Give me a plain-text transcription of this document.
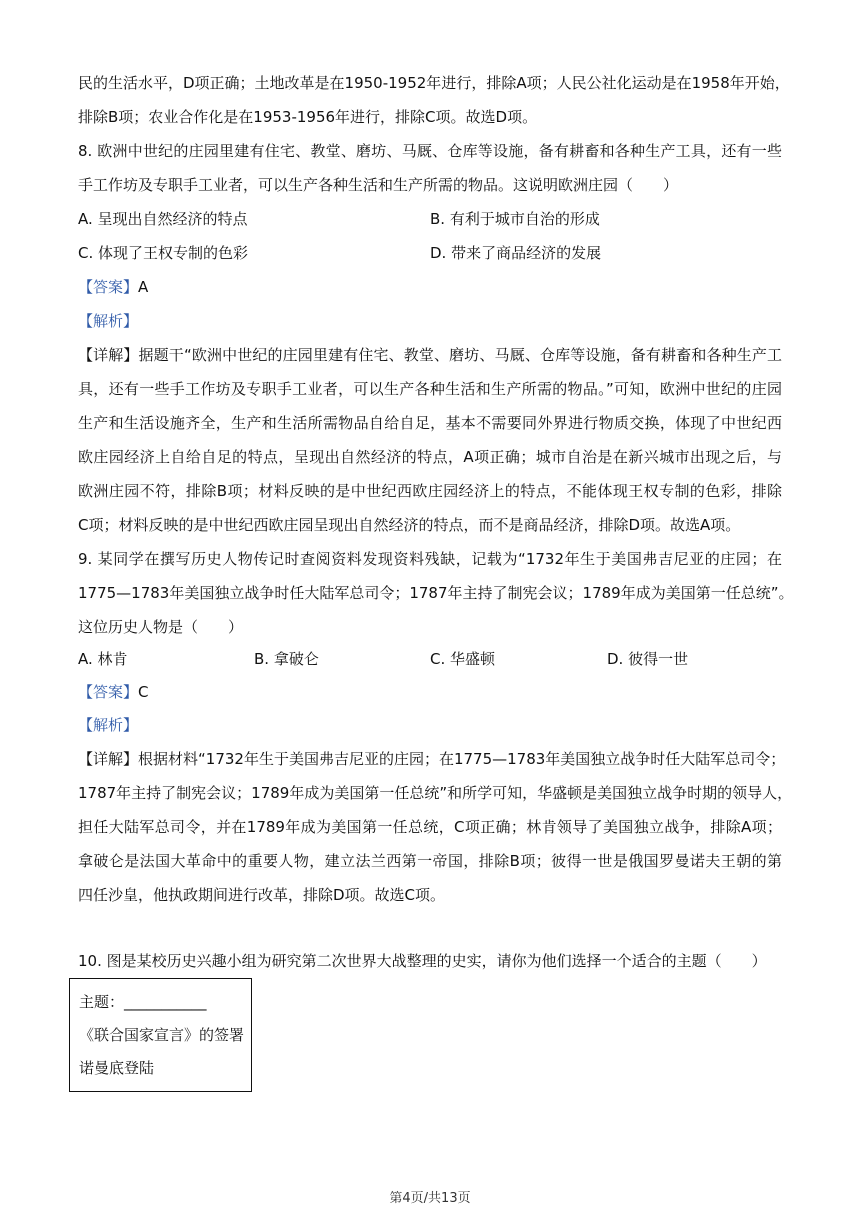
民的生活水平，D项正确；土地改革是在1950-1952年进行，排除A项；人民公社化运动是在1958年开始，
排除B项；农业合作化是在1953-1956年进行，排除C项。故选D项。
8. 欧洲中世纪的庄园里建有住宅、教堂、磨坊、马厩、仓库等设施，备有耕畜和各种生产工具，还有一些
手工作坊及专职手工业者，可以生产各种生活和生产所需的物品。这说明欧洲庄园（　　）
A. 呈现出自然经济的特点	B. 有利于城市自治的形成
C. 体现了王权专制的色彩	D. 带来了商品经济的发展
【答案】A
【解析】
【详解】据题干“欧洲中世纪的庄园里建有住宅、教堂、磨坊、马厩、仓库等设施，备有耕畜和各种生产工
具，还有一些手工作坊及专职手工业者，可以生产各种生活和生产所需的物品。”可知，欧洲中世纪的庄园
生产和生活设施齐全，生产和生活所需物品自给自足，基本不需要同外界进行物质交换，体现了中世纪西
欧庄园经济上自给自足的特点，呈现出自然经济的特点，A项正确；城市自治是在新兴城市出现之后，与
欧洲庄园不符，排除B项；材料反映的是中世纪西欧庄园经济上的特点，不能体现王权专制的色彩，排除
C项；材料反映的是中世纪西欧庄园呈现出自然经济的特点，而不是商品经济，排除D项。故选A项。
9. 某同学在撰写历史人物传记时查阅资料发现资料残缺，记载为“1732年生于美国弗吉尼亚的庄园；在
1775—1783年美国独立战争时任大陆军总司令；1787年主持了制宪会议；1789年成为美国第一任总统”。
这位历史人物是（　　）
A. 林肯	B. 拿破仑	C. 华盛顿	D. 彼得一世
【答案】C
【解析】
【详解】根据材料“1732年生于美国弗吉尼亚的庄园；在1775—1783年美国独立战争时任大陆军总司令；
1787年主持了制宪会议；1789年成为美国第一任总统”和所学可知，华盛顿是美国独立战争时期的领导人，
担任大陆军总司令，并在1789年成为美国第一任总统，C项正确；林肯领导了美国独立战争，排除A项；
拿破仑是法国大革命中的重要人物，建立法兰西第一帝国，排除B项；彼得一世是俄国罗曼诺夫王朝的第
四任沙皇，他执政期间进行改革，排除D项。故选C项。
10. 图是某校历史兴趣小组为研究第二次世界大战整理的史实，请你为他们选择一个适合的主题（　　）
主题：___________
《联合国家宣言》的签署
诺曼底登陆
第4页/共13页
